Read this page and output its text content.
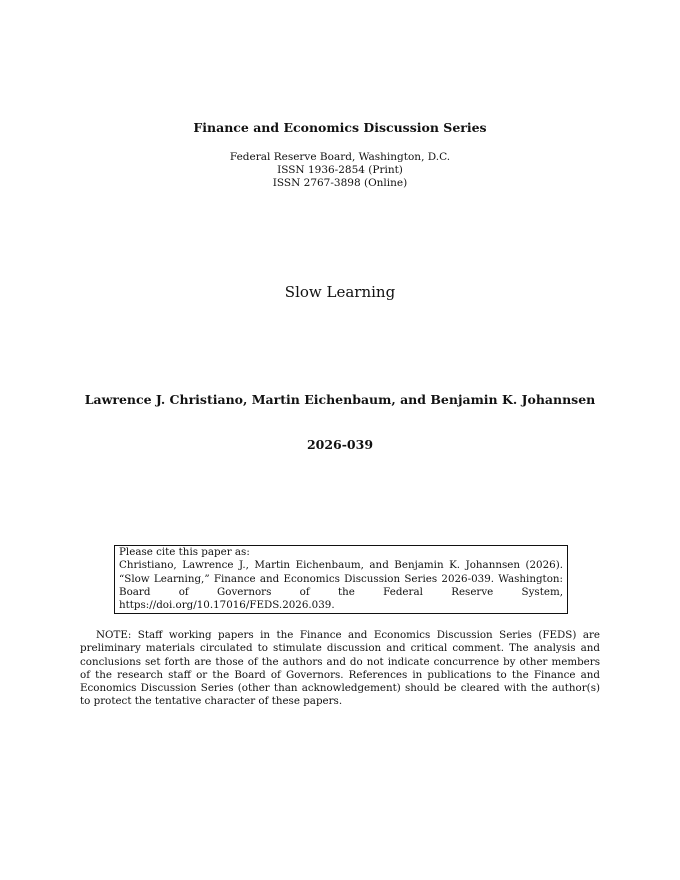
Finance and Economics Discussion Series
Federal Reserve Board, Washington, D.C.
ISSN 1936-2854 (Print)
ISSN 2767-3898 (Online)
Slow Learning
Lawrence J. Christiano, Martin Eichenbaum, and Benjamin K. Johannsen
2026-039
Please cite this paper as:
Christiano, Lawrence J., Martin Eichenbaum, and Benjamin K. Johannsen (2026). “Slow Learning,” Finance and Economics Discussion Series 2026-039. Washington: Board of Governors of the Federal Reserve System, https://doi.org/10.17016/FEDS.2026.039.
NOTE: Staff working papers in the Finance and Economics Discussion Series (FEDS) are preliminary materials circulated to stimulate discussion and critical comment. The analysis and conclusions set forth are those of the authors and do not indicate concurrence by other members of the research staff or the Board of Governors. References in publications to the Finance and Economics Discussion Series (other than acknowledgement) should be cleared with the author(s) to protect the tentative character of these papers.
